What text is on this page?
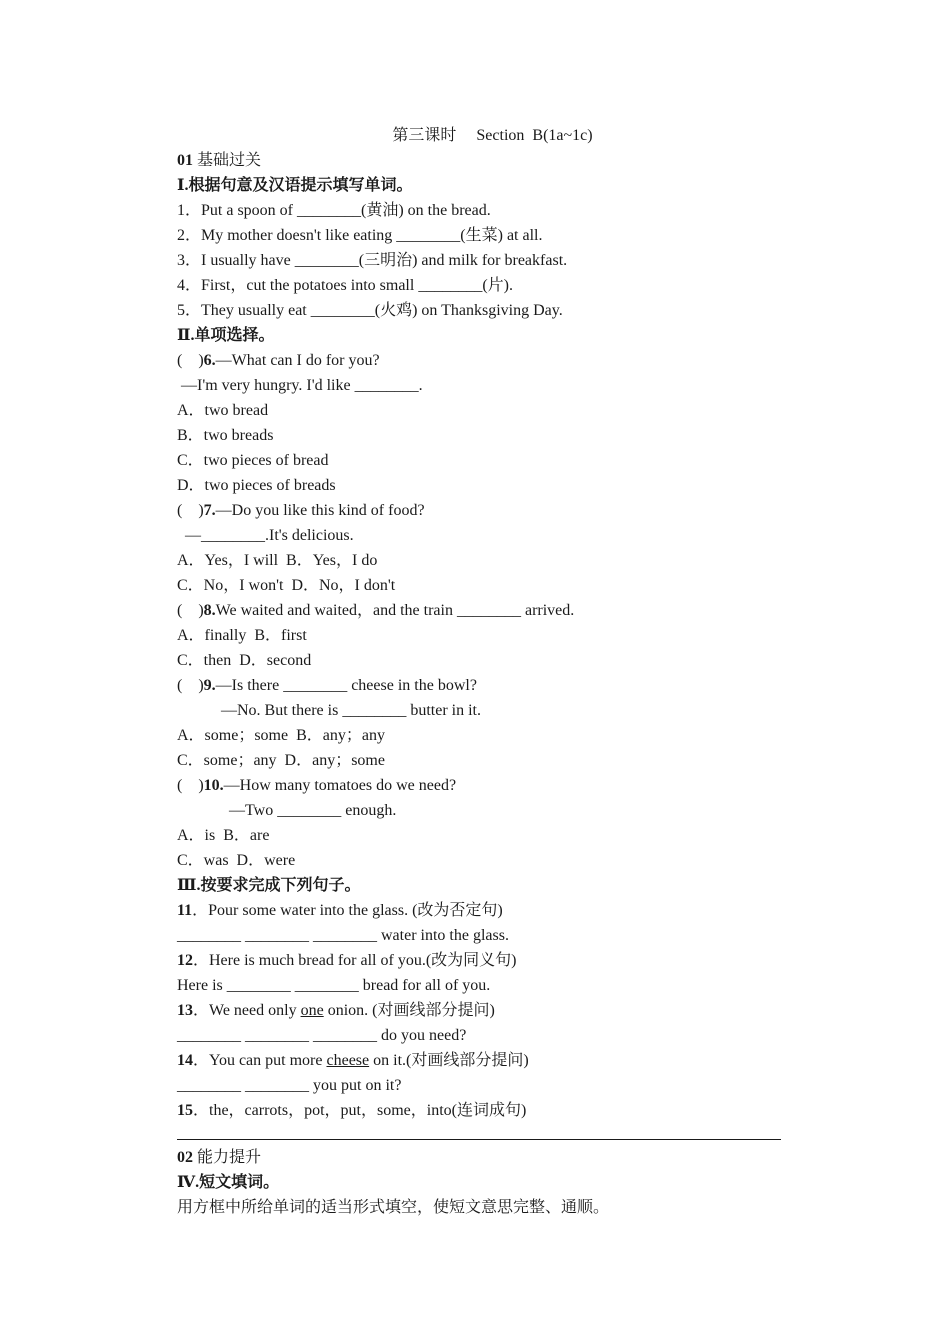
第三课时　 Section  B(1a~1c)
01 基础过关
Ⅰ.根据句意及汉语提示填写单词。
1．Put a spoon of ________(黄油) on the bread.
2．My mother doesn't like eating ________(生菜) at all.
3．I usually have ________(三明治) and milk for breakfast.
4．First，cut the potatoes into small ________(片).
5．They usually eat ________(火鸡) on Thanksgiving Day.
Ⅱ.单项选择。
(　)6.—What can I do for you?
—I'm very hungry. I'd like ________.
A．two bread
B．two breads
C．two pieces of bread
D．two pieces of breads
(　)7.—Do you like this kind of food?
—________.It's delicious.
A．Yes，I will  B．Yes，I do
C．No，I won't  D．No，I don't
(　)8.We waited and waited，and the train ________ arrived.
A．finally  B．first
C．then  D．second
(　)9.—Is there ________ cheese in the bowl?
—No. But there is ________ butter in it.
A．some；some  B．any；any
C．some；any  D．any；some
(　)10.—How many tomatoes do we need?
—Two ________ enough.
A．is  B．are
C．was  D．were
Ⅲ.按要求完成下列句子。
11．Pour some water into the glass. (改为否定句)
________ ________ ________ water into the glass.
12．Here is much bread for all of you.(改为同义句)
Here is ________ ________ bread for all of you.
13．We need only one onion. (对画线部分提问)
________ ________ ________ do you need?
14．You can put more cheese on it.(对画线部分提问)
________ ________ you put on it?
15．the，carrots，pot，put，some，into(连词成句)
02 能力提升
Ⅳ.短文填词。
用方框中所给单词的适当形式填空，使短文意思完整、通顺。
